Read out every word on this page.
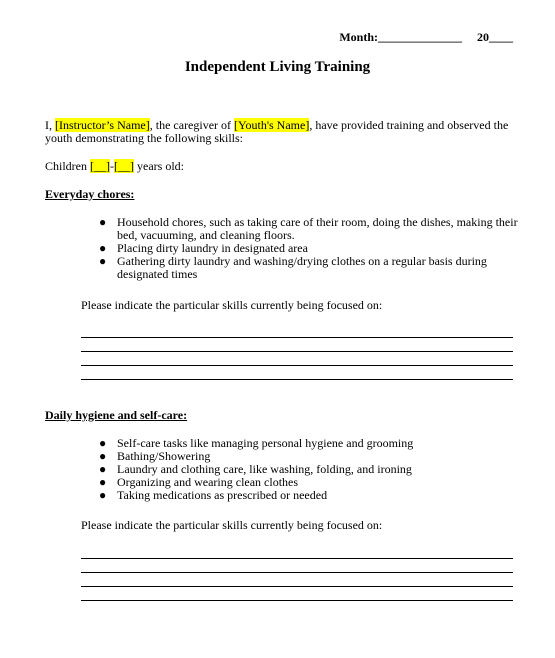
Month:______________ 20____
Independent Living Training
I, [Instructor’s Name], the caregiver of [Youth's Name], have provided training and observed the youth demonstrating the following skills:
Children [__]-[__] years old:
Everyday chores:
● Household chores, such as taking care of their room, doing the dishes, making their bed, vacuuming, and cleaning floors.
● Placing dirty laundry in designated area
● Gathering dirty laundry and washing/drying clothes on a regular basis during designated times
Please indicate the particular skills currently being focused on:
Daily hygiene and self-care:
● Self-care tasks like managing personal hygiene and grooming
● Bathing/Showering
● Laundry and clothing care, like washing, folding, and ironing
● Organizing and wearing clean clothes
● Taking medications as prescribed or needed
Please indicate the particular skills currently being focused on:
